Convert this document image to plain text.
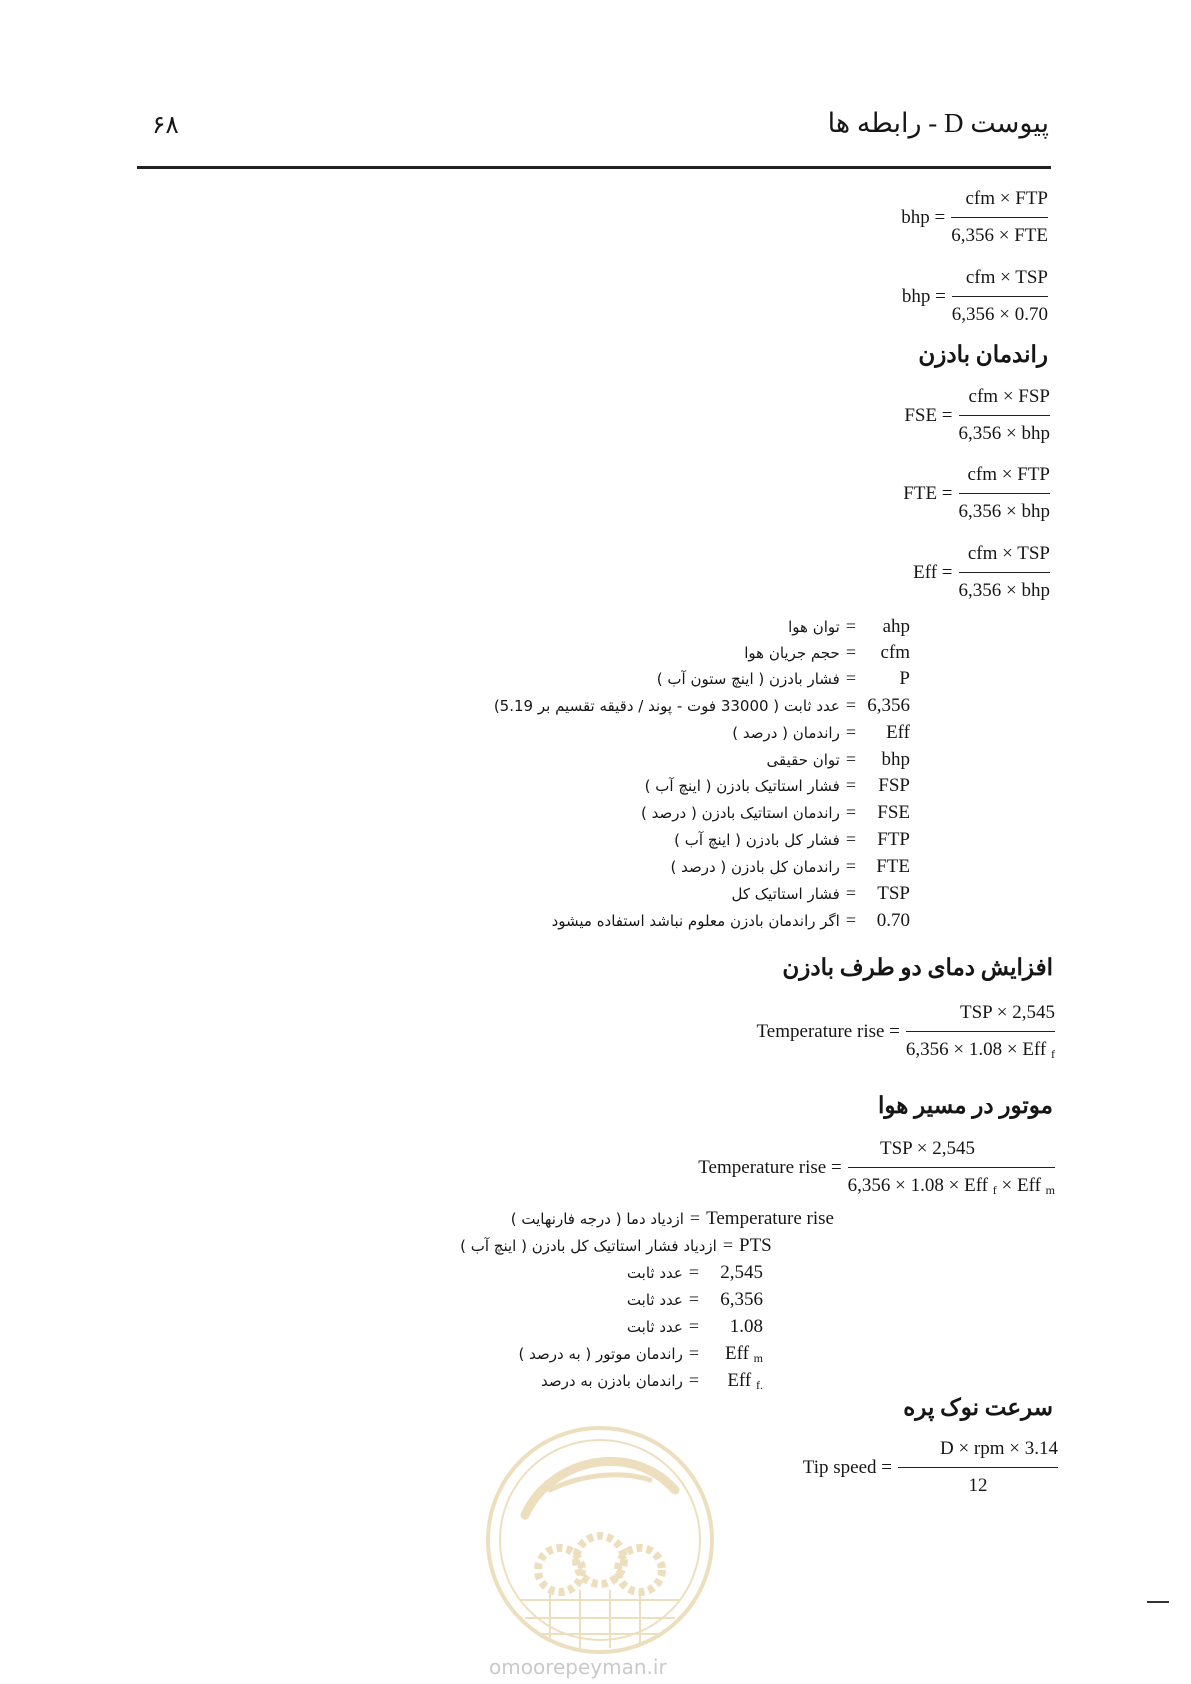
پیوست D - رابطه ها
۶۸
bhp = $\frac{\text{cfm × FTP}}{\text{6,356 × FTE}}$
bhp = $\frac{\text{cfm × TSP}}{6,356 \times 0.70}$
راندمان بادزن
FSE = $\frac{\text{cfm × FSP}}{\text{6,356 × bhp}}$
FTE = $\frac{\text{cfm × FTP}}{\text{6,356 × bhp}}$
Eff = $\frac{\text{cfm × TSP}}{\text{6,356 × bhp}}$
توان هوا =	ahp
حجم جریان هوا =	cfm
فشار بادزن ( اینچ ستون آب ) =	P
عدد ثابت ( 33000 فوت - پوند / دقیقه تقسیم بر 5.19) = 6,356
راندمان ( درصد ) =	Eff
توان حقیقی =	bhp
فشار استاتیک بادزن ( اینچ آب ) =	FSP
راندمان استاتیک بادزن ( درصد ) =	FSE
فشار کل بادزن ( اینچ آب ) =	FTP
راندمان کل بادزن ( درصد ) =	FTE
فشار استاتیک کل =	TSP
اگر راندمان بادزن معلوم نباشد استفاده میشود =	0.70
افزایش دمای دو طرف بادزن
Temperature rise = $\frac{\text{TSP × 2,545}}{6,356 \times 1.08 \times Eff _f}$
موتور در مسیر هوا
Temperature rise = $\frac{\text{TSP × 2,545}}{6,356 \times 1.08 \times Eff _f \times Eff _m}$
ازدیاد دما ( درجه فارنهایت ) = Temperature rise
ازدیاد فشار استاتیک کل بادزن ( اینچ آب ) = PTS
عدد ثابت =	2,545
عدد ثابت =	6,356
عدد ثابت =	1.08
راندمان موتور ( به درصد ) =	Eff $_m$
راندمان بادزن به درصد =	Eff $_{f.}$
سرعت نوک پره
Tip speed = $\frac{\text{D × rpm × 3.14}}{12}$
omoorepeyman.ir
